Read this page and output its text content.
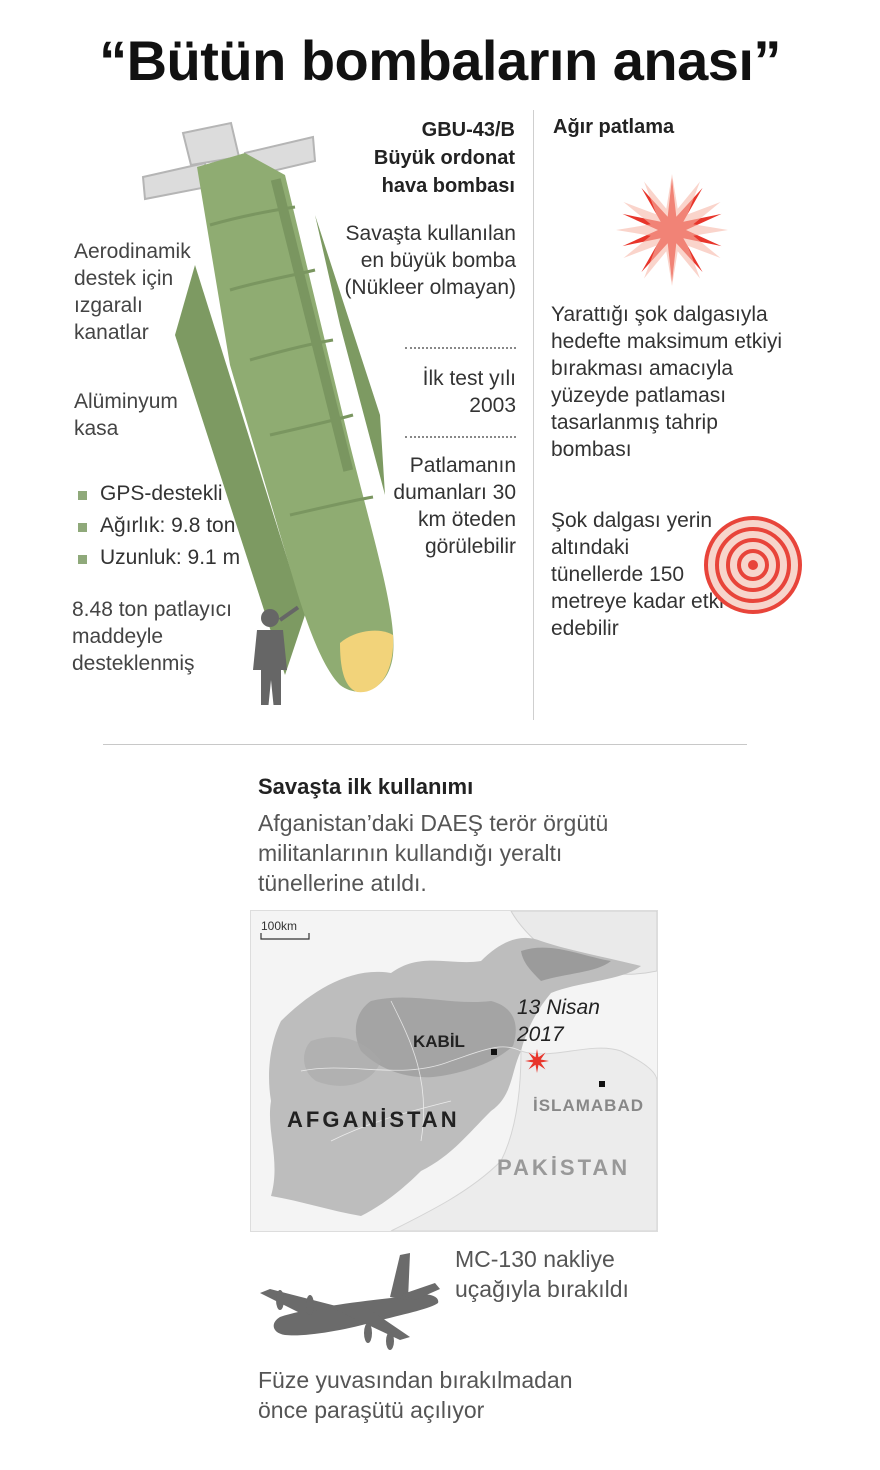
“Bütün bombaların anası”
Aerodinamik destek için ızgaralı kanatlar
Alüminyum kasa
GPS-destekli
Ağırlık: 9.8 ton
Uzunluk: 9.1 m
8.48 ton patlayıcı maddeyle desteklenmiş
GBU-43/B
Büyük ordonat
hava bombası
Savaşta kullanılan en büyük bomba (Nükleer olmayan)
İlk test yılı 2003
Patlamanın dumanları 30 km öteden görülebilir
Ağır patlama
Yarattığı şok dalgasıyla hedefte maksimum etkiyi bırakması amacıyla yüzeyde patlaması tasarlanmış tahrip bombası
Şok dalgası yerin altındaki tünellerde 150 metreye kadar etki edebilir
Savaşta ilk kullanımı
Afganistan’daki DAEŞ terör örgütü militanlarının kullandığı yeraltı tünellerine atıldı.
100km
KABİL
İSLAMABAD
13 Nisan
2017
AFGANİSTAN
PAKİSTAN
MC-130 nakliye uçağıyla bırakıldı
Füze yuvasından bırakılmadan önce paraşütü açılıyor
